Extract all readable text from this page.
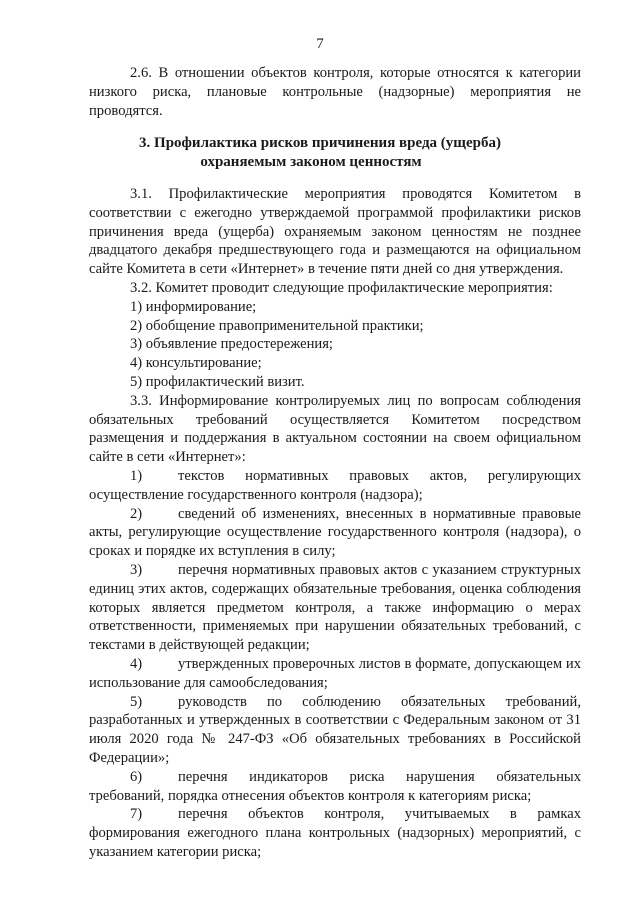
7

2.6. В отношении объектов контроля, которые относятся к категории низкого риска, плановые контрольные (надзорные) мероприятия не проводятся.

3. Профилактика рисков причинения вреда (ущерба)
охраняемым законом ценностям

3.1. Профилактические мероприятия проводятся Комитетом в соответствии с ежегодно утверждаемой программой профилактики рисков причинения вреда (ущерба) охраняемым законом ценностям не позднее двадцатого декабря предшествующего года и размещаются на официальном сайте Комитета в сети «Интернет» в течение пяти дней со дня утверждения.

3.2. Комитет проводит следующие профилактические мероприятия:

1) информирование;

2) обобщение правоприменительной практики;

3) объявление предостережения;

4) консультирование;

5) профилактический визит.

3.3. Информирование контролируемых лиц по вопросам соблюдения обязательных требований осуществляется Комитетом посредством размещения и поддержания в актуальном состоянии на своем официальном сайте в сети «Интернет»:

1) текстов нормативных правовых актов, регулирующих осуществление государственного контроля (надзора);

2) сведений об изменениях, внесенных в нормативные правовые акты, регулирующие осуществление государственного контроля (надзора), о сроках и порядке их вступления в силу;

3) перечня нормативных правовых актов с указанием структурных единиц этих актов, содержащих обязательные требования, оценка соблюдения которых является предметом контроля, а также информацию о мерах ответственности, применяемых при нарушении обязательных требований, с текстами в действующей редакции;

4) утвержденных проверочных листов в формате, допускающем их использование для самообследования;

5) руководств по соблюдению обязательных требований, разработанных и утвержденных в соответствии с Федеральным законом от 31 июля 2020 года № 247-ФЗ «Об обязательных требованиях в Российской Федерации»;

6) перечня индикаторов риска нарушения обязательных требований, порядка отнесения объектов контроля к категориям риска;

7) перечня объектов контроля, учитываемых в рамках формирования ежегодного плана контрольных (надзорных) мероприятий, с указанием категории риска;
